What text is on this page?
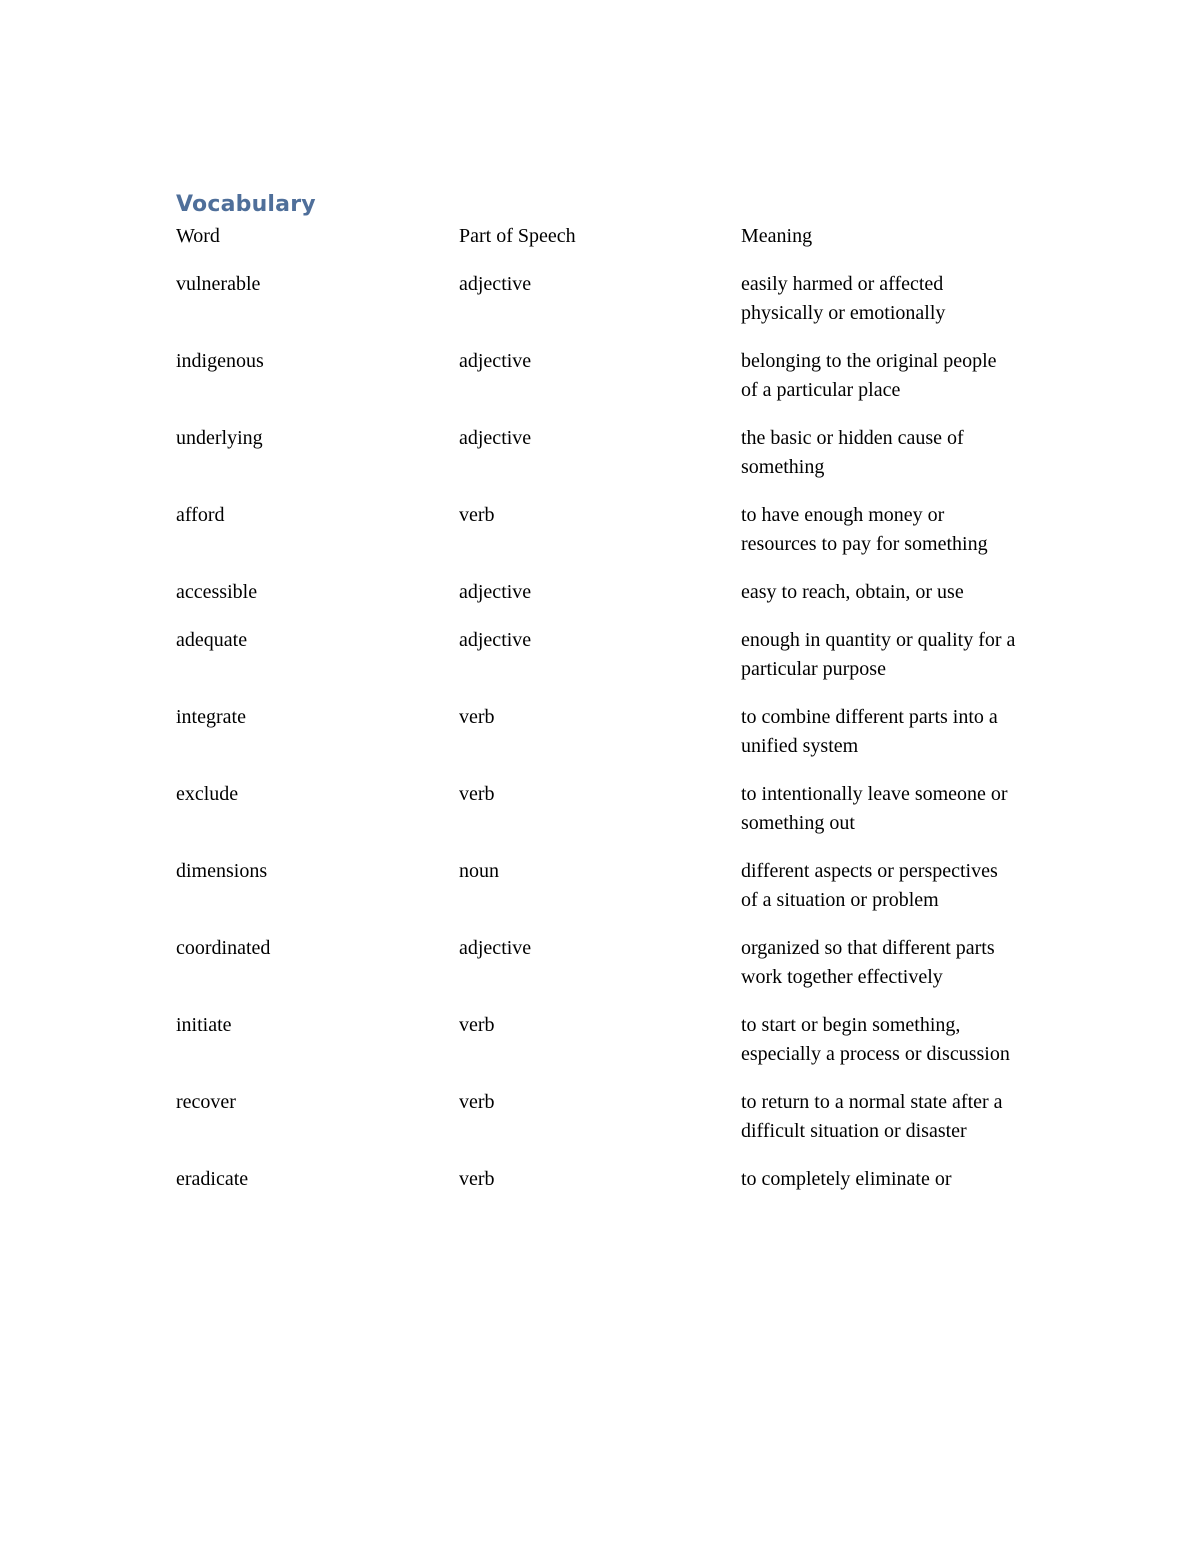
Vocabulary
Word	Part of Speech	Meaning
vulnerable	adjective	easily harmed or affected physically or emotionally
indigenous	adjective	belonging to the original people of a particular place
underlying	adjective	the basic or hidden cause of something
afford	verb	to have enough money or resources to pay for something
accessible	adjective	easy to reach, obtain, or use
adequate	adjective	enough in quantity or quality for a particular purpose
integrate	verb	to combine different parts into a unified system
exclude	verb	to intentionally leave someone or something out
dimensions	noun	different aspects or perspectives of a situation or problem
coordinated	adjective	organized so that different parts work together effectively
initiate	verb	to start or begin something, especially a process or discussion
recover	verb	to return to a normal state after a difficult situation or disaster
eradicate	verb	to completely eliminate or
